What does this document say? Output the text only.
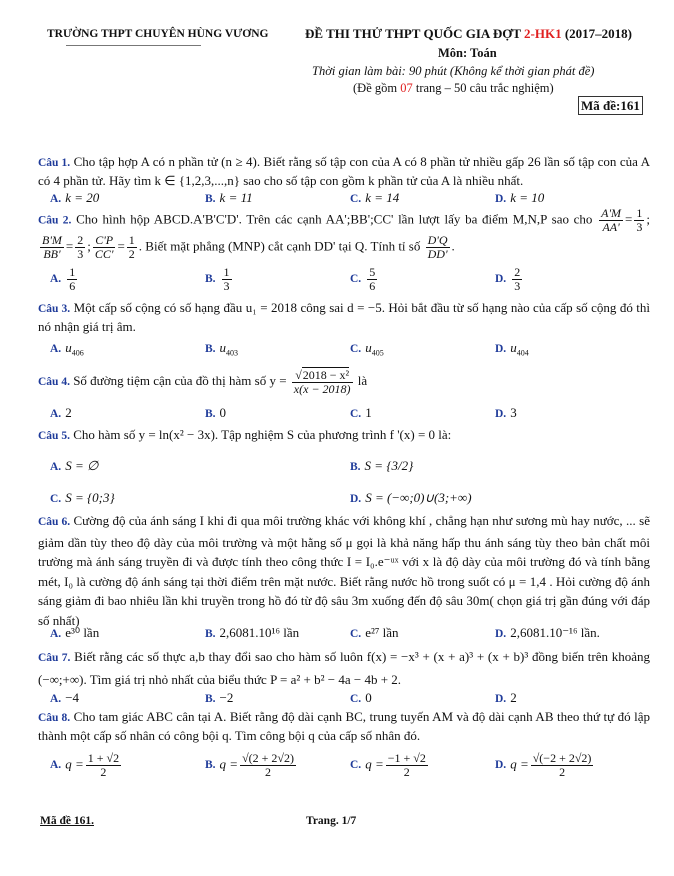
TRƯỜNG THPT CHUYÊN HÙNG VƯƠNG	ĐỀ THI THỬ THPT QUỐC GIA ĐỢT 2-HK1 (2017–2018)
Môn: Toán
Thời gian làm bài: 90 phút (Không kể thời gian phát đề)
(Đề gồm 07 trang – 50 câu trắc nghiệm)
Mã đề:161
Câu 1. Cho tập hợp A có n phần tử (n ≥ 4). Biết rằng số tập con của A có 8 phần tử nhiều gấp 26 lần số tập con của A có 4 phần tử. Hãy tìm k ∈ {1,2,3,...,n} sao cho số tập con gồm k phần tử của A là nhiều nhất.
A. k = 20	B. k = 11	C. k = 14	D. k = 10
Câu 2. Cho hình hộp ABCD.A'B'C'D'. Trên các cạnh AA';BB';CC' lần lượt lấy ba điểm M,N,P sao cho $\frac{A'M}{AA'} = \frac{1}{3}$ ;
$\frac{B'M}{BB'} = \frac{2}{3}$ ; $\frac{C'P}{CC'} = \frac{1}{2}$ . Biết mặt phẳng (MNP) cắt cạnh DD' tại Q. Tính tỉ số $\frac{D'Q}{DD'}$ .
A. $\frac{1}{6}$	B. $\frac{1}{3}$	C. $\frac{5}{6}$	D. $\frac{2}{3}$
Câu 3. Một cấp số cộng có số hạng đầu u₁ = 2018 công sai d = −5. Hỏi bắt đầu từ số hạng nào của cấp số cộng đó thì nó nhận giá trị âm.
A. $u_{406}$	B. $u_{403}$	C. $u_{405}$	D. $u_{404}$
Câu 4. Số đường tiệm cận của đồ thị hàm số $y = \frac{\text{√2018 − x²}}{x(x - 2018)}$ là
A. 2	B. 0	C. 1	D. 3
Câu 5. Cho hàm số y = ln(x² − 3x). Tập nghiệm S của phương trình f '(x) = 0 là:
A. S = ∅	B. S = {3/2}
C. S = {0;3}	D. S = (−∞;0)∪(3;+∞)
Câu 6. Cường độ của ánh sáng I khi đi qua môi trường khác với không khí , chẳng hạn như sương mù hay nước, ... sẽ giảm dần tùy theo độ dày của môi trường và một hằng số μ gọi là khả năng hấp thu ánh sáng tùy theo bản chất môi trường mà ánh sáng truyền đi và được tính theo công thức I = I₀.e⁻ᵘˣ với x là độ dày của môi trường đó và tính bằng mét, I₀ là cường độ ánh sáng tại thời điểm trên mặt nước. Biết rằng nước hồ trong suốt có μ = 1,4 . Hỏi cường độ ánh sáng giảm đi bao nhiêu lần khi truyền trong hồ đó từ độ sâu 3m xuống đến độ sâu 30m( chọn giá trị gần đúng với đáp số nhất)
A. e³⁰ lần	B. 2,6081.10¹⁶ lần	C. e²⁷ lần	D. 2,6081.10⁻¹⁶ lần.
Câu 7. Biết rằng các số thực a,b thay đổi sao cho hàm số luôn f(x) = −x³ + (x + a)³ + (x + b)³ đồng biến trên khoảng (−∞;+∞). Tìm giá trị nhỏ nhất của biểu thức P = a² + b² − 4a − 4b + 2.
A. −4	B. −2	C. 0	D. 2
Câu 8. Cho tam giác ABC cân tại A. Biết rằng độ dài cạnh BC, trung tuyến AM và độ dài cạnh AB theo thứ tự đó lập thành một cấp số nhân có công bội q. Tìm công bội q của cấp số nhân đó.
A. $q = \frac{1 + √2}{2}$	B. $q = \frac{√(2 + 2√2)}{2}$	C. $q = \frac{-1 + √2}{2}$	D. $q = \frac{√(-2 + 2√2)}{2}$
Mã đề 161.	Trang. 1/7
